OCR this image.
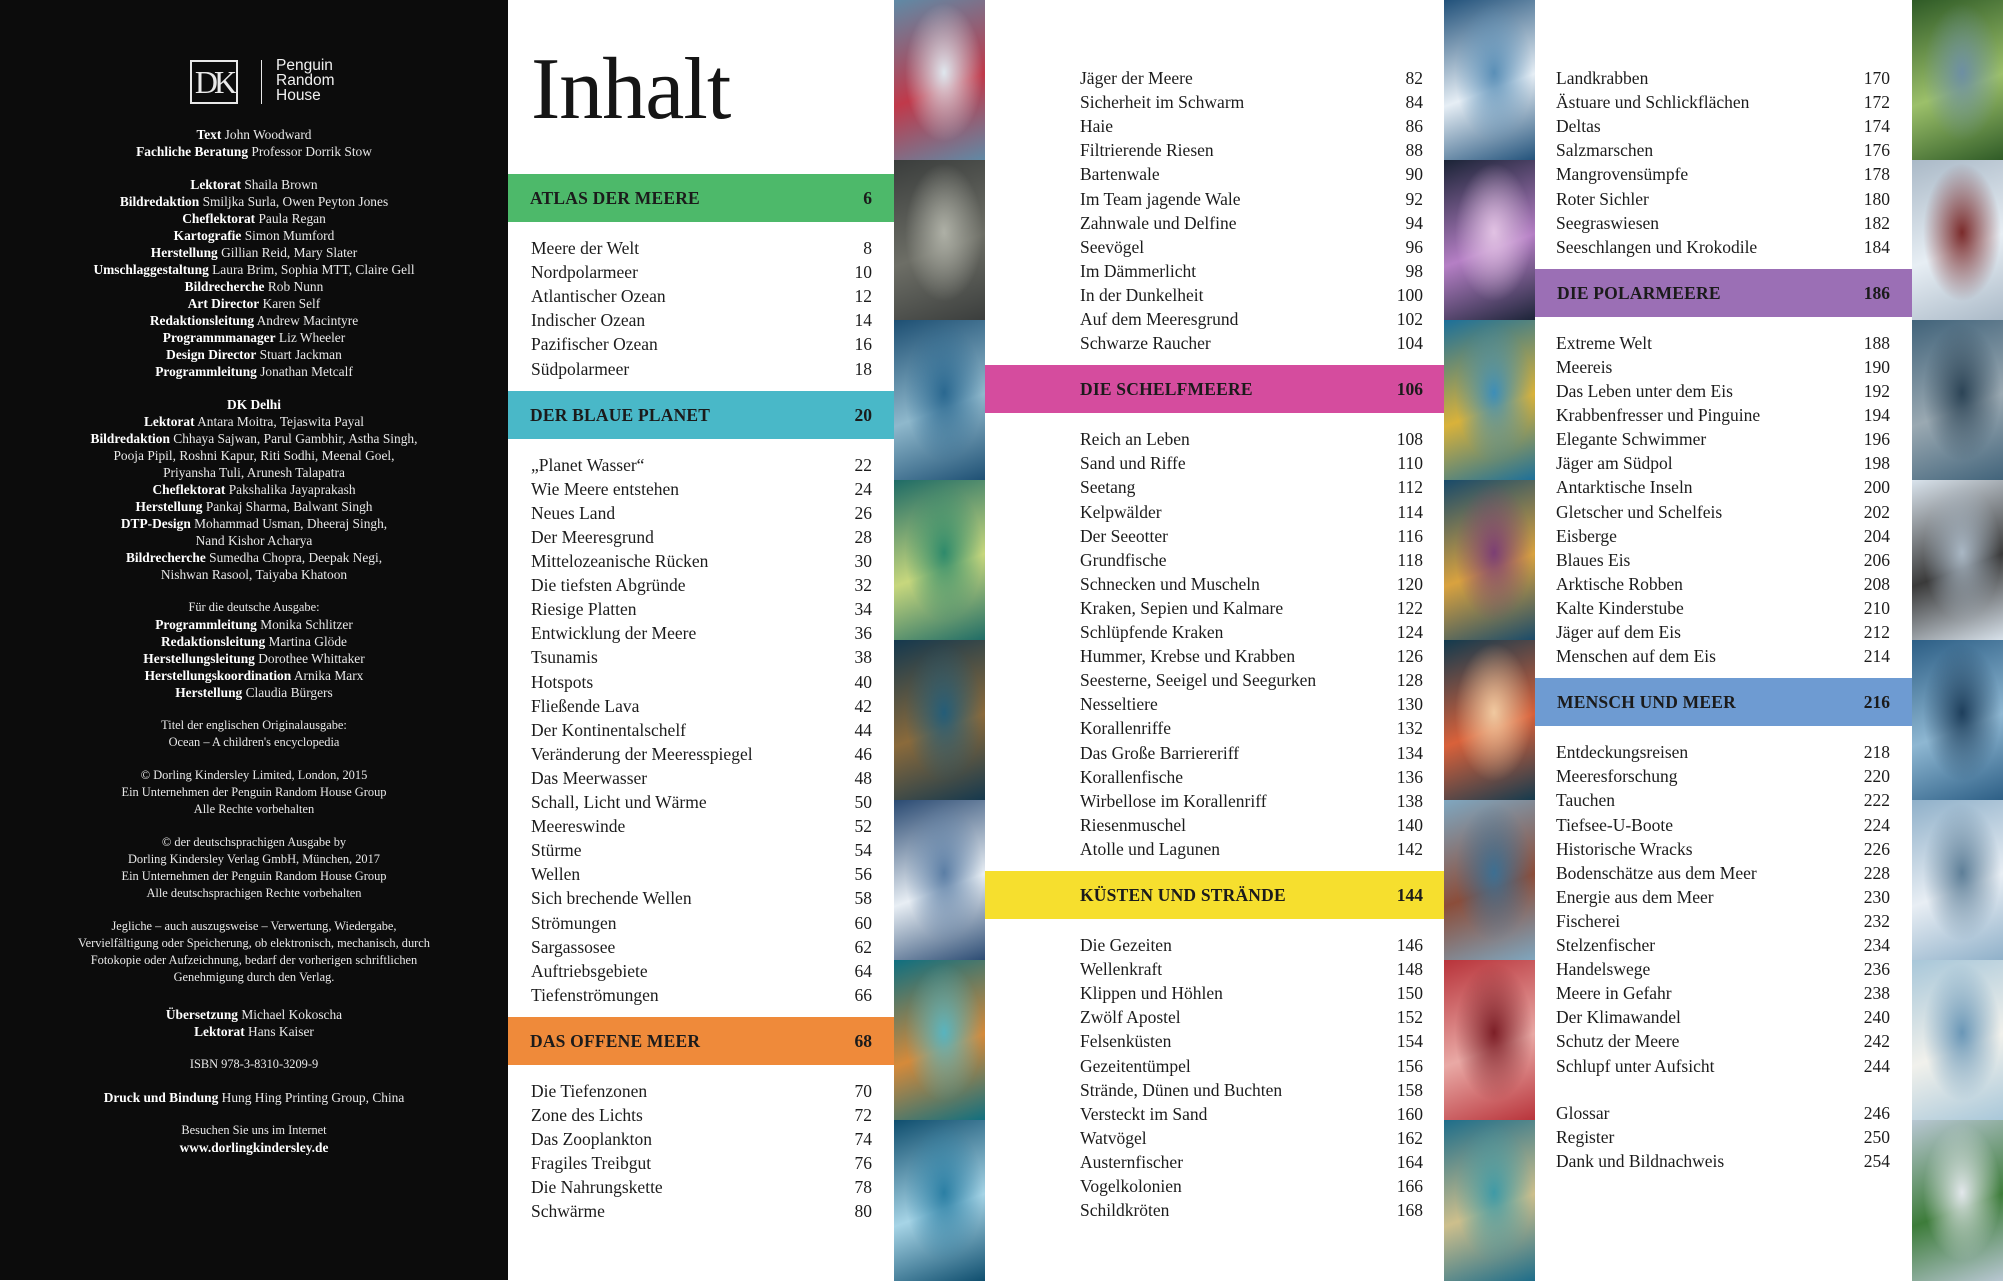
DK	Penguin
Random
House
Text John Woodward
Fachliche Beratung Professor Dorrik Stow
Lektorat Shaila Brown
Bildredaktion Smiljka Surla, Owen Peyton Jones
Cheflektorat Paula Regan
Kartografie Simon Mumford
Herstellung Gillian Reid, Mary Slater
Umschlaggestaltung Laura Brim, Sophia MTT, Claire Gell
Bildrecherche Rob Nunn
Art Director Karen Self
Redaktionsleitung Andrew Macintyre
Programmmanager Liz Wheeler
Design Director Stuart Jackman
Programmleitung Jonathan Metcalf
DK Delhi
Lektorat Antara Moitra, Tejaswita Payal
Bildredaktion Chhaya Sajwan, Parul Gambhir, Astha Singh,
Pooja Pipil, Roshni Kapur, Riti Sodhi, Meenal Goel,
Priyansha Tuli, Arunesh Talapatra
Cheflektorat Pakshalika Jayaprakash
Herstellung Pankaj Sharma, Balwant Singh
DTP-Design Mohammad Usman, Dheeraj Singh,
Nand Kishor Acharya
Bildrecherche Sumedha Chopra, Deepak Negi,
Nishwan Rasool, Taiyaba Khatoon
Für die deutsche Ausgabe:
Programmleitung Monika Schlitzer
Redaktionsleitung Martina Glöde
Herstellungsleitung Dorothee Whittaker
Herstellungskoordination Arnika Marx
Herstellung Claudia Bürgers
Titel der englischen Originalausgabe:
Ocean – A children's encyclopedia
© Dorling Kindersley Limited, London, 2015
Ein Unternehmen der Penguin Random House Group
Alle Rechte vorbehalten
© der deutschsprachigen Ausgabe by
Dorling Kindersley Verlag GmbH, München, 2017
Ein Unternehmen der Penguin Random House Group
Alle deutschsprachigen Rechte vorbehalten
Jegliche – auch auszugsweise – Verwertung, Wiedergabe,
Vervielfältigung oder Speicherung, ob elektronisch, mechanisch, durch
Fotokopie oder Aufzeichnung, bedarf der vorherigen schriftlichen
Genehmigung durch den Verlag.
Übersetzung Michael Kokoscha
Lektorat Hans Kaiser
ISBN 978-3-8310-3209-9
Druck und Bindung Hung Hing Printing Group, China
Besuchen Sie uns im Internet
www.dorlingkindersley.de
Inhalt
ATLAS DER MEERE	6
Meere der Welt	8
Nordpolarmeer	10
Atlantischer Ozean	12
Indischer Ozean	14
Pazifischer Ozean	16
Südpolarmeer	18
DER BLAUE PLANET	20
„Planet Wasser“	22
Wie Meere entstehen	24
Neues Land	26
Der Meeresgrund	28
Mittelozeanische Rücken	30
Die tiefsten Abgründe	32
Riesige Platten	34
Entwicklung der Meere	36
Tsunamis	38
Hotspots	40
Fließende Lava	42
Der Kontinentalschelf	44
Veränderung der Meeresspiegel	46
Das Meerwasser	48
Schall, Licht und Wärme	50
Meereswinde	52
Stürme	54
Wellen	56
Sich brechende Wellen	58
Strömungen	60
Sargassosee	62
Auftriebsgebiete	64
Tiefenströmungen	66
DAS OFFENE MEER	68
Die Tiefenzonen	70
Zone des Lichts	72
Das Zooplankton	74
Fragiles Treibgut	76
Die Nahrungskette	78
Schwärme	80
Jäger der Meere	82
Sicherheit im Schwarm	84
Haie	86
Filtrierende Riesen	88
Bartenwale	90
Im Team jagende Wale	92
Zahnwale und Delfine	94
Seevögel	96
Im Dämmerlicht	98
In der Dunkelheit	100
Auf dem Meeresgrund	102
Schwarze Raucher	104
DIE SCHELFMEERE	106
Reich an Leben	108
Sand und Riffe	110
Seetang	112
Kelpwälder	114
Der Seeotter	116
Grundfische	118
Schnecken und Muscheln	120
Kraken, Sepien und Kalmare	122
Schlüpfende Kraken	124
Hummer, Krebse und Krabben	126
Seesterne, Seeigel und Seegurken	128
Nesseltiere	130
Korallenriffe	132
Das Große Barriereriff	134
Korallenfische	136
Wirbellose im Korallenriff	138
Riesenmuschel	140
Atolle und Lagunen	142
KÜSTEN UND STRÄNDE	144
Die Gezeiten	146
Wellenkraft	148
Klippen und Höhlen	150
Zwölf Apostel	152
Felsenküsten	154
Gezeitentümpel	156
Strände, Dünen und Buchten	158
Versteckt im Sand	160
Watvögel	162
Austernfischer	164
Vogelkolonien	166
Schildkröten	168
Landkrabben	170
Ästuare und Schlickflächen	172
Deltas	174
Salzmarschen	176
Mangrovensümpfe	178
Roter Sichler	180
Seegraswiesen	182
Seeschlangen und Krokodile	184
DIE POLARMEERE	186
Extreme Welt	188
Meereis	190
Das Leben unter dem Eis	192
Krabbenfresser und Pinguine	194
Elegante Schwimmer	196
Jäger am Südpol	198
Antarktische Inseln	200
Gletscher und Schelfeis	202
Eisberge	204
Blaues Eis	206
Arktische Robben	208
Kalte Kinderstube	210
Jäger auf dem Eis	212
Menschen auf dem Eis	214
MENSCH UND MEER	216
Entdeckungsreisen	218
Meeresforschung	220
Tauchen	222
Tiefsee-U-Boote	224
Historische Wracks	226
Bodenschätze aus dem Meer	228
Energie aus dem Meer	230
Fischerei	232
Stelzenfischer	234
Handelswege	236
Meere in Gefahr	238
Der Klimawandel	240
Schutz der Meere	242
Schlupf unter Aufsicht	244
Glossar	246
Register	250
Dank und Bildnachweis	254
